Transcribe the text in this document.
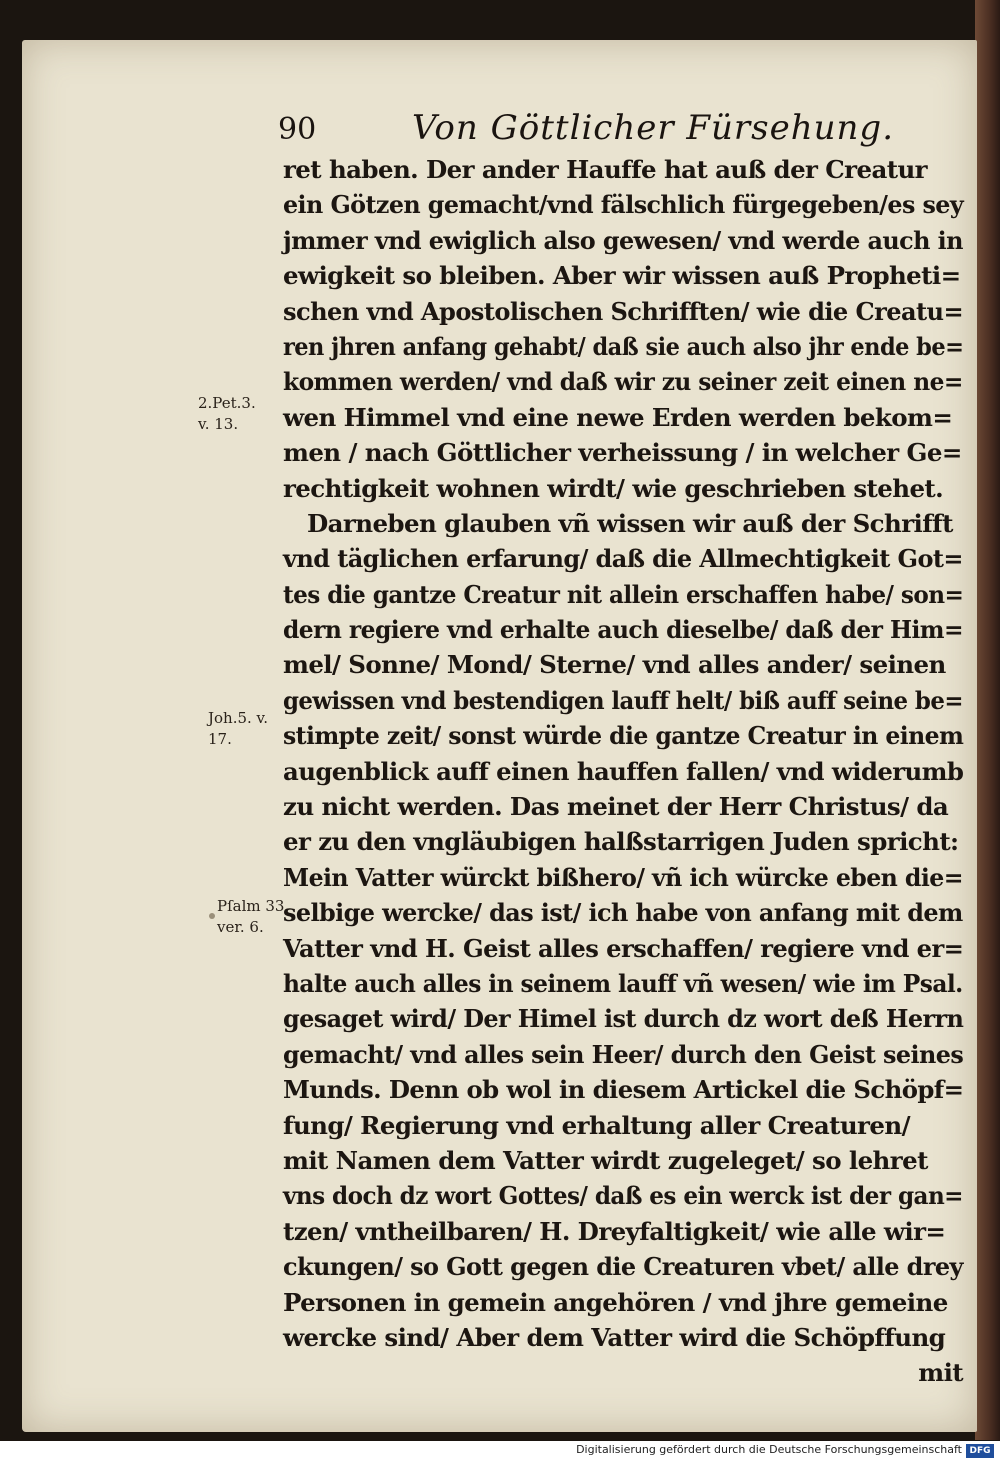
90	Von Göttlicher Fürsehung.
2.Pet.3.
v. 13.
Joh.5. v.
17.
Pſalm 33.
ver. 6.
ret haben. Der ander Hauffe hat auß der Creatur
ein Götzen gemacht/vnd fälschlich fürgegeben/es sey
jmmer vnd ewiglich also gewesen/ vnd werde auch in
ewigkeit so bleiben. Aber wir wissen auß Propheti=
schen vnd Apostolischen Schrifften/ wie die Creatu=
ren jhren anfang gehabt/ daß sie auch also jhr ende be=
kommen werden/ vnd daß wir zu seiner zeit einen ne=
wen Himmel vnd eine newe Erden werden bekom=
men / nach Göttlicher verheissung / in welcher Ge=
rechtigkeit wohnen wirdt/ wie geschrieben stehet.
Darneben glauben vñ wissen wir auß der Schrifft
vnd täglichen erfarung/ daß die Allmechtigkeit Got=
tes die gantze Creatur nit allein erschaffen habe/ son=
dern regiere vnd erhalte auch dieselbe/ daß der Him=
mel/ Sonne/ Mond/ Sterne/ vnd alles ander/ seinen
gewissen vnd bestendigen lauff helt/ biß auff seine be=
stimpte zeit/ sonst würde die gantze Creatur in einem
augenblick auff einen hauffen fallen/ vnd widerumb
zu nicht werden. Das meinet der Herr Christus/ da
er zu den vngläubigen halßstarrigen Juden spricht:
Mein Vatter würckt bißhero/ vñ ich würcke eben die=
selbige wercke/ das ist/ ich habe von anfang mit dem
Vatter vnd H. Geist alles erschaffen/ regiere vnd er=
halte auch alles in seinem lauff vñ wesen/ wie im Psal.
gesaget wird/ Der Himel ist durch dz wort deß Herrn
gemacht/ vnd alles sein Heer/ durch den Geist seines
Munds. Denn ob wol in diesem Artickel die Schöpf=
fung/ Regierung vnd erhaltung aller Creaturen/
mit Namen dem Vatter wirdt zugeleget/ so lehret
vns doch dz wort Gottes/ daß es ein werck ist der gan=
tzen/ vntheilbaren/ H. Dreyfaltigkeit/ wie alle wir=
ckungen/ so Gott gegen die Creaturen vbet/ alle drey
Personen in gemein angehören / vnd jhre gemeine
wercke sind/ Aber dem Vatter wird die Schöpffung
mit
Digitalisierung gefördert durch die Deutsche Forschungsgemeinschaft DFG
